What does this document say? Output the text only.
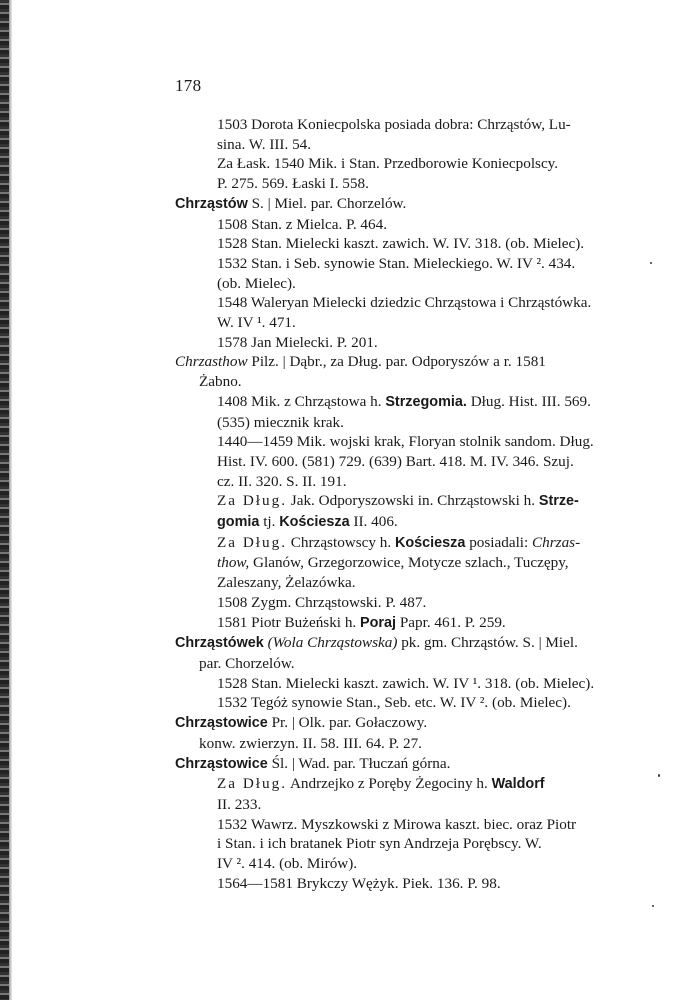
178
1503 Dorota Koniecpolska posiada dobra: Chrząstów, Lu-
sina. W. III. 54.
Za Łask. 1540 Mik. i Stan. Przedborowie Koniecpolscy.
P. 275. 569. Łaski I. 558.
Chrząstów S. | Miel. par. Chorzelów.
1508 Stan. z Mielca. P. 464.
1528 Stan. Mielecki kaszt. zawich. W. IV. 318. (ob. Mielec).
1532 Stan. i Seb. synowie Stan. Mieleckiego. W. IV ². 434.
(ob. Mielec).
1548 Waleryan Mielecki dziedzic Chrząstowa i Chrząstówka.
W. IV ¹. 471.
1578 Jan Mielecki. P. 201.
Chrzasthow Pilz. | Dąbr., za Dług. par. Odporyszów a r. 1581
Żabno.
1408 Mik. z Chrząstowa h. Strzegomia. Dług. Hist. III. 569.
(535) miecznik krak.
1440—1459 Mik. wojski krak, Floryan stolnik sandom. Dług.
Hist. IV. 600. (581) 729. (639) Bart. 418. M. IV. 346. Szuj.
cz. II. 320. S. II. 191.
Za Dług. Jak. Odporyszowski in. Chrząstowski h. Strze-
gomia tj. Kościesza II. 406.
Za Dług. Chrząstowscy h. Kościesza posiadali: Chrzas-
thow, Glanów, Grzegorzowice, Motycze szlach., Tuczępy,
Zaleszany, Żelazówka.
1508 Zygm. Chrząstowski. P. 487.
1581 Piotr Bużeński h. Poraj Papr. 461. P. 259.
Chrząstówek (Wola Chrząstowska) pk. gm. Chrząstów. S. | Miel.
par. Chorzelów.
1528 Stan. Mielecki kaszt. zawich. W. IV ¹. 318. (ob. Mielec).
1532 Tegóż synowie Stan., Seb. etc. W. IV ². (ob. Mielec).
Chrząstowice Pr. | Olk. par. Gołaczowy.
konw. zwierzyn. II. 58. III. 64. P. 27.
Chrząstowice Śl. | Wad. par. Tłuczań górna.
Za Dług. Andrzejko z Poręby Żegociny h. Waldorf
II. 233.
1532 Wawrz. Myszkowski z Mirowa kaszt. biec. oraz Piotr
i Stan. i ich bratanek Piotr syn Andrzeja Porębscy. W.
IV ². 414. (ob. Mirów).
1564—1581 Brykczy Wężyk. Piek. 136. P. 98.
